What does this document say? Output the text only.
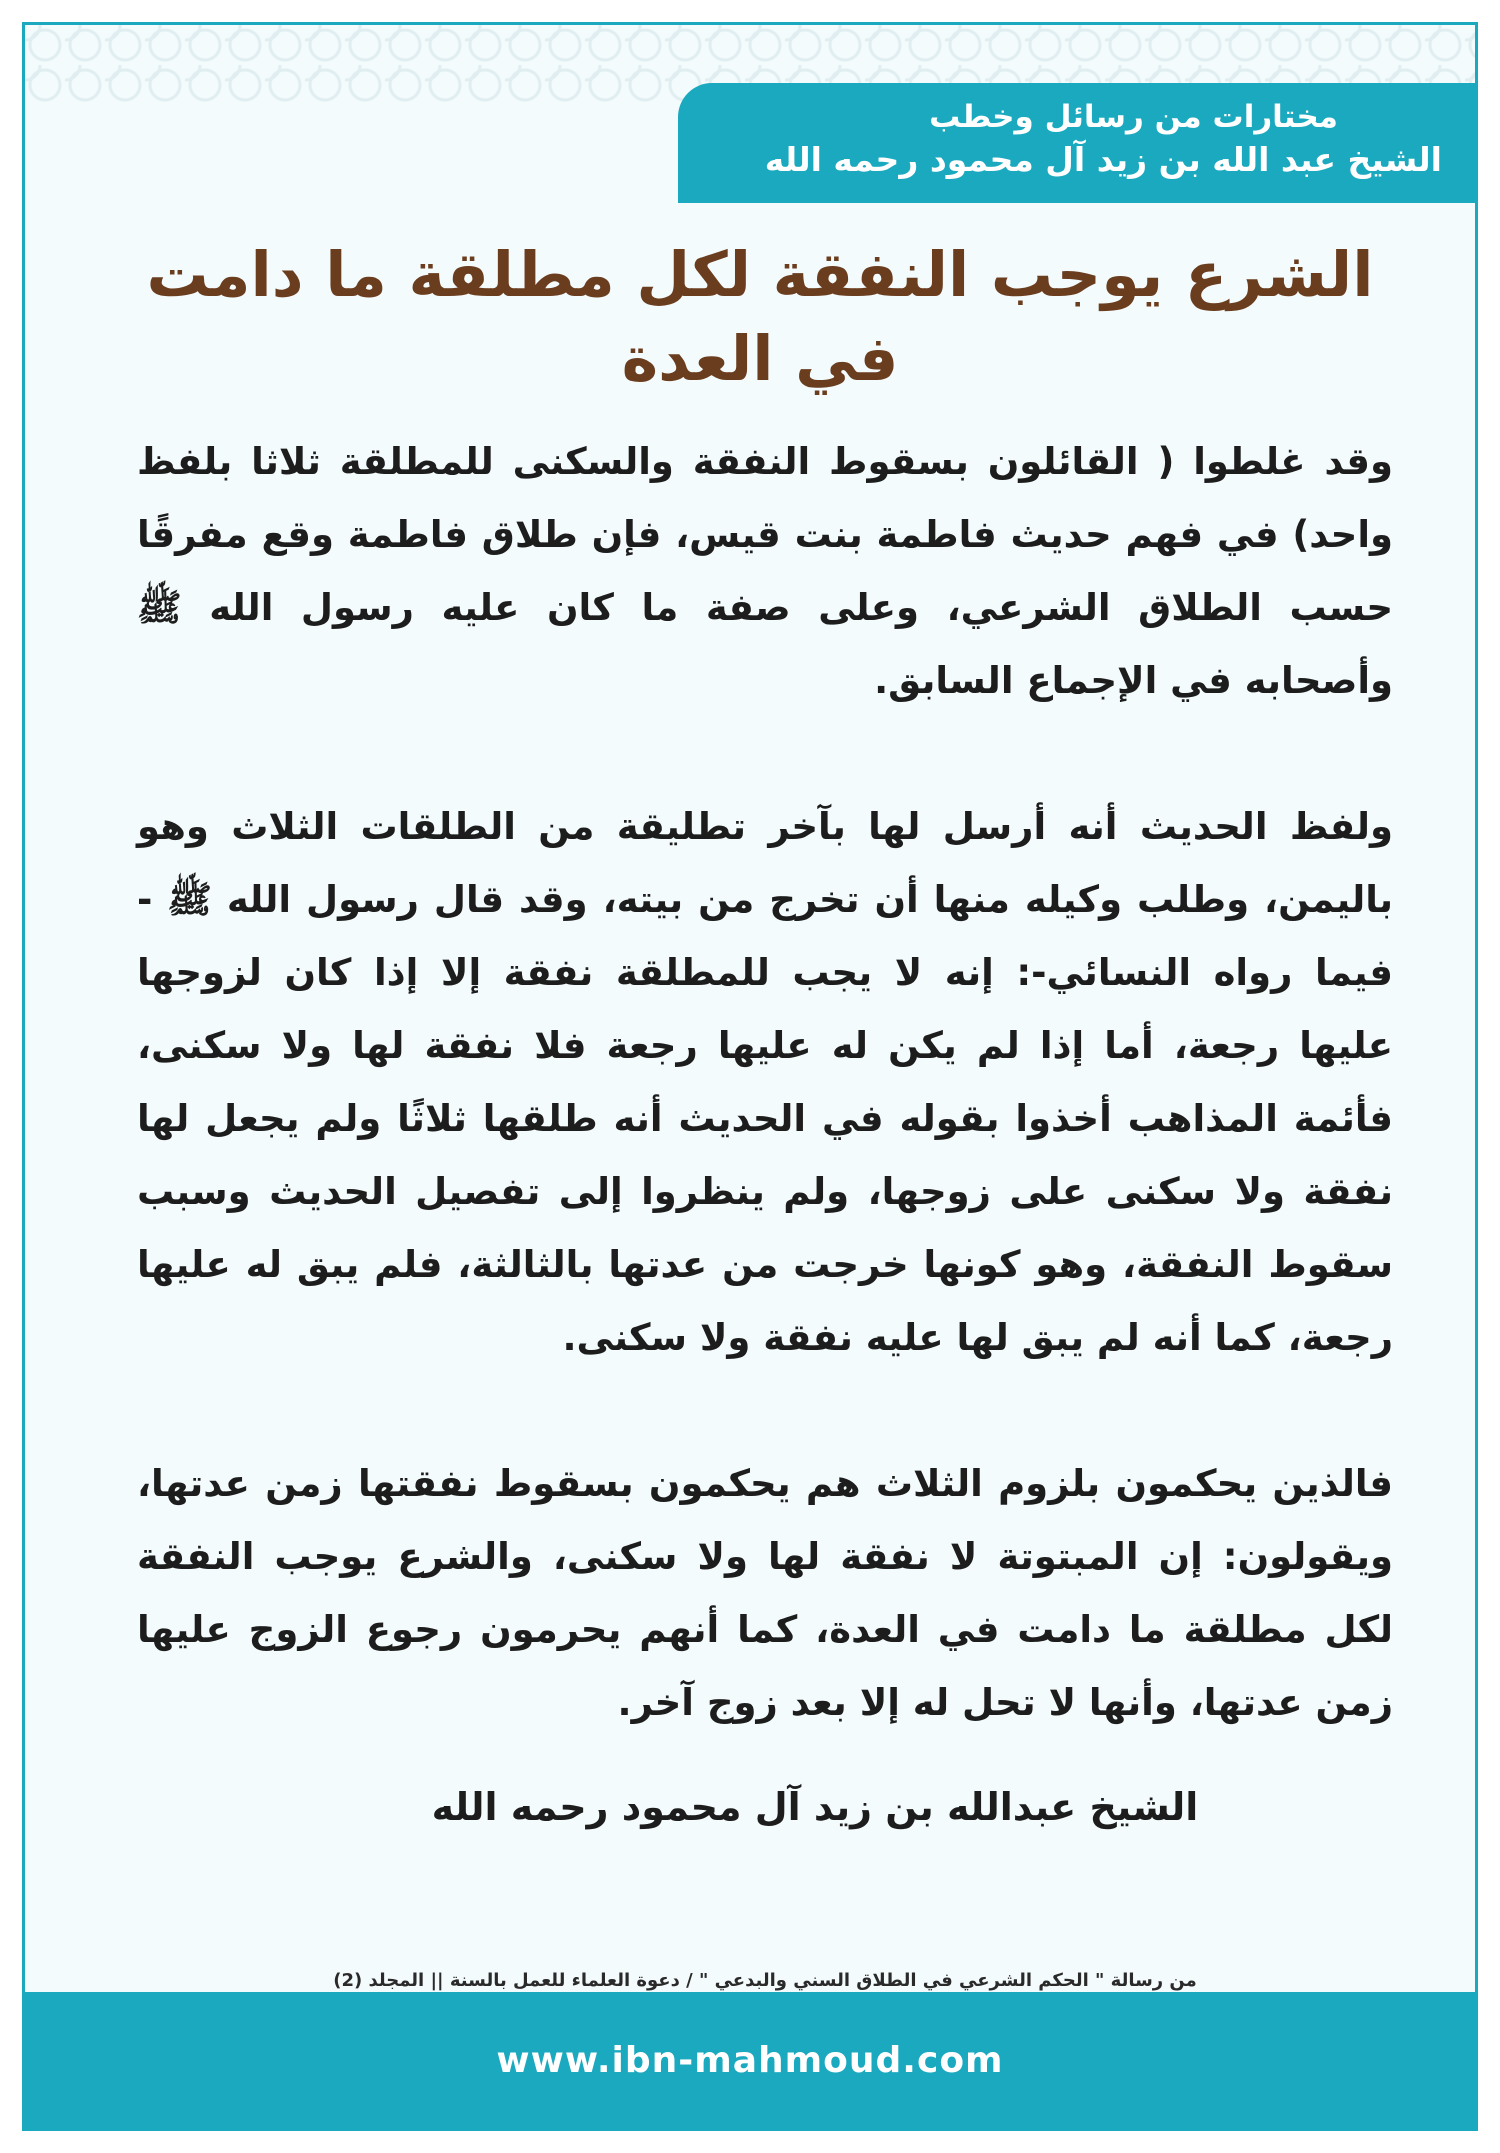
مختارات من رسائل وخطب
الشيخ عبد الله بن زيد آل محمود رحمه الله
الشرع يوجب النفقة لكل مطلقة ما دامت في العدة

وقد غلطوا ( القائلون بسقوط النفقة والسكنى للمطلقة ثلاثا بلفظ واحد) في فهم حديث فاطمة بنت قيس، فإن طلاق فاطمة وقع مفرقًا حسب الطلاق الشرعي، وعلى صفة ما كان عليه رسول الله ﷺ وأصحابه في الإجماع السابق.

ولفظ الحديث أنه أرسل لها بآخر تطليقة من الطلقات الثلاث وهو باليمن، وطلب وكيله منها أن تخرج من بيته، وقد قال رسول الله ﷺ - فيما رواه النسائي-: إنه لا يجب للمطلقة نفقة إلا إذا كان لزوجها عليها رجعة، أما إذا لم يكن له عليها رجعة فلا نفقة لها ولا سكنى، فأئمة المذاهب أخذوا بقوله في الحديث أنه طلقها ثلاثًا ولم يجعل لها نفقة ولا سكنى على زوجها، ولم ينظروا إلى تفصيل الحديث وسبب سقوط النفقة، وهو كونها خرجت من عدتها بالثالثة، فلم يبق له عليها رجعة، كما أنه لم يبق لها عليه نفقة ولا سكنى.

فالذين يحكمون بلزوم الثلاث هم يحكمون بسقوط نفقتها زمن عدتها، ويقولون: إن المبتوتة لا نفقة لها ولا سكنى، والشرع يوجب النفقة لكل مطلقة ما دامت في العدة، كما أنهم يحرمون رجوع الزوج عليها زمن عدتها، وأنها لا تحل له إلا بعد زوج آخر.

الشيخ عبدالله بن زيد آل محمود رحمه الله
من رسالة " الحكم الشرعي في الطلاق السني والبدعي " / دعوة العلماء للعمل بالسنة || المجلد (2)
www.ibn-mahmoud.com
